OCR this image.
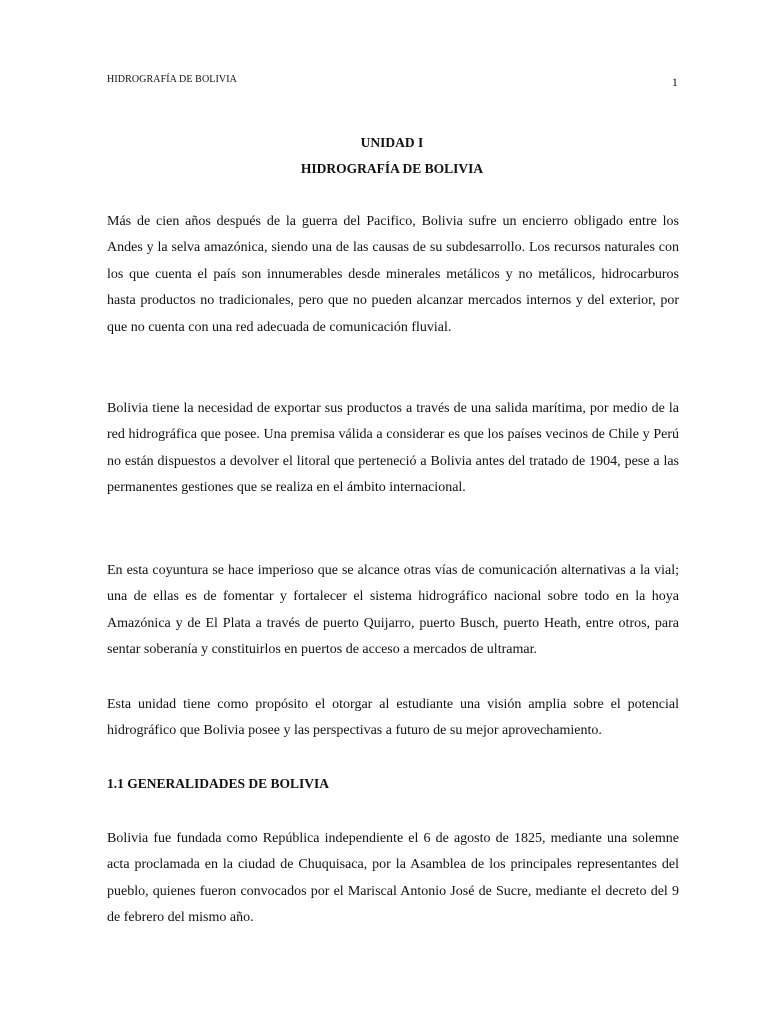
HIDROGRAFÍA DE BOLIVIA	1
UNIDAD I
HIDROGRAFÍA DE BOLIVIA

Más de cien años después de la guerra del Pacifico, Bolivia sufre un encierro obligado entre los Andes y la selva amazónica, siendo una de las causas de su subdesarrollo. Los recursos naturales con los que cuenta el país son innumerables desde minerales metálicos y no metálicos, hidrocarburos hasta productos no tradicionales, pero que no pueden alcanzar mercados internos y del exterior, por que no cuenta con una red adecuada de comunicación fluvial.

Bolivia tiene la necesidad de exportar sus productos a través de una salida marítima, por medio de la red hidrográfica que posee. Una premisa válida a considerar es que los países vecinos de Chile y Perú no están dispuestos a devolver el litoral que perteneció a Bolivia antes del tratado de 1904, pese a las permanentes gestiones que se realiza en el ámbito internacional.

En esta coyuntura se hace imperioso que se alcance otras vías de comunicación alternativas a la vial; una de ellas es de fomentar y fortalecer el sistema hidrográfico nacional sobre todo en la hoya Amazónica y de El Plata a través de puerto Quijarro, puerto Busch, puerto Heath, entre otros, para sentar soberanía y constituirlos en puertos de acceso a mercados de ultramar.

Esta unidad tiene como propósito el otorgar al estudiante una visión amplia sobre el potencial hidrográfico que Bolivia posee y las perspectivas a futuro de su mejor aprovechamiento.

1.1 GENERALIDADES DE BOLIVIA

Bolivia fue fundada como República independiente el 6 de agosto de 1825, mediante una solemne acta proclamada en la ciudad de Chuquisaca, por la Asamblea de los principales representantes del pueblo, quienes fueron convocados por el Mariscal Antonio José de Sucre, mediante el decreto del 9 de febrero del mismo año.
